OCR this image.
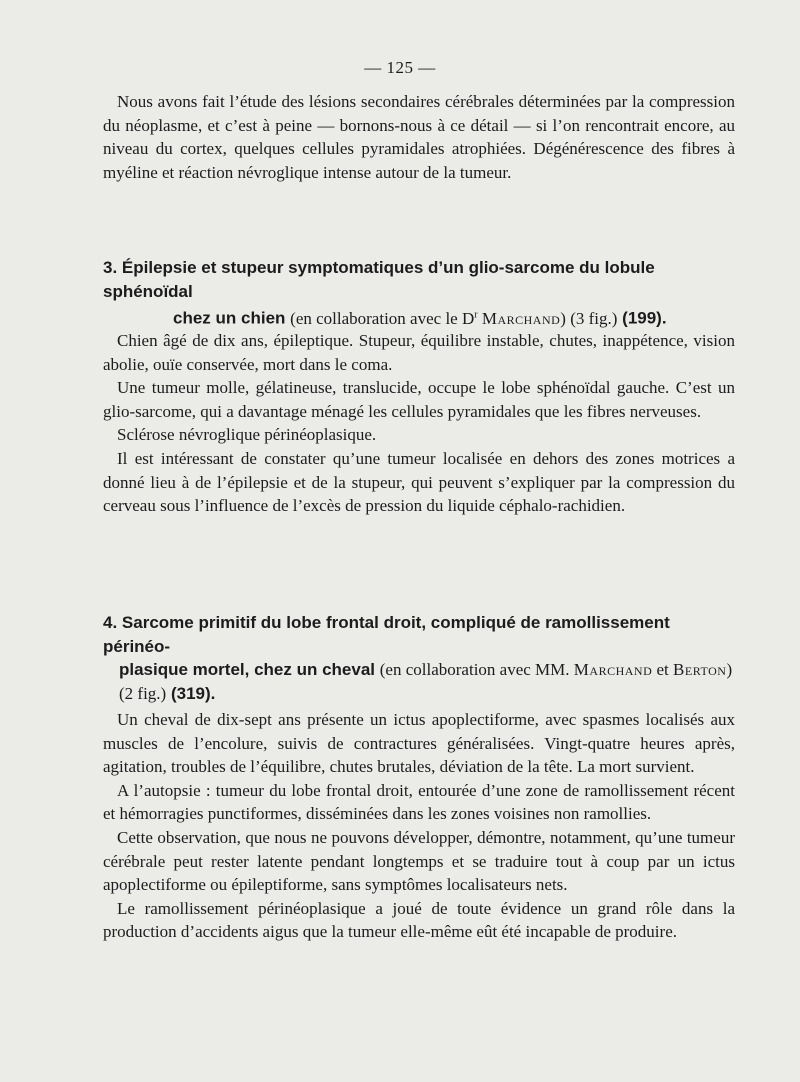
— 125 —

Nous avons fait l’étude des lésions secondaires cérébrales déterminées par la compression du néoplasme, et c’est à peine — bornons-nous à ce détail — si l’on rencontrait encore, au niveau du cortex, quelques cellules pyramidales atrophiées. Dégénérescence des fibres à myéline et réaction névroglique intense autour de la tumeur.

3. Épilepsie et stupeur symptomatiques d’un glio-sarcome du lobule sphénoïdal
chez un chien (en collaboration avec le $D^r$ Marchand) (3 fig.) (199).

Chien âgé de dix ans, épileptique. Stupeur, équilibre instable, chutes, inappétence, vision abolie, ouïe conservée, mort dans le coma.

Une tumeur molle, gélatineuse, translucide, occupe le lobe sphénoïdal gauche. C’est un glio-sarcome, qui a davantage ménagé les cellules pyramidales que les fibres nerveuses.

Sclérose névroglique périnéoplasique.

Il est intéressant de constater qu’une tumeur localisée en dehors des zones motrices a donné lieu à de l’épilepsie et de la stupeur, qui peuvent s’expliquer par la compression du cerveau sous l’influence de l’excès de pression du liquide céphalo-rachidien.

4. Sarcome primitif du lobe frontal droit, compliqué de ramollissement périnéo-
plasique mortel, chez un cheval (en collaboration avec MM. Marchand et Berton)
(2 fig.) (319).

Un cheval de dix-sept ans présente un ictus apoplectiforme, avec spasmes localisés aux muscles de l’encolure, suivis de contractures généralisées. Vingt-quatre heures après, agitation, troubles de l’équilibre, chutes brutales, déviation de la tête. La mort survient.

A l’autopsie : tumeur du lobe frontal droit, entourée d’une zone de ramollissement récent et hémorragies punctiformes, disséminées dans les zones voisines non ramollies.

Cette observation, que nous ne pouvons développer, démontre, notamment, qu’une tumeur cérébrale peut rester latente pendant longtemps et se traduire tout à coup par un ictus apoplectiforme ou épileptiforme, sans symptômes localisateurs nets.

Le ramollissement périnéoplasique a joué de toute évidence un grand rôle dans la production d’accidents aigus que la tumeur elle-même eût été incapable de produire.
